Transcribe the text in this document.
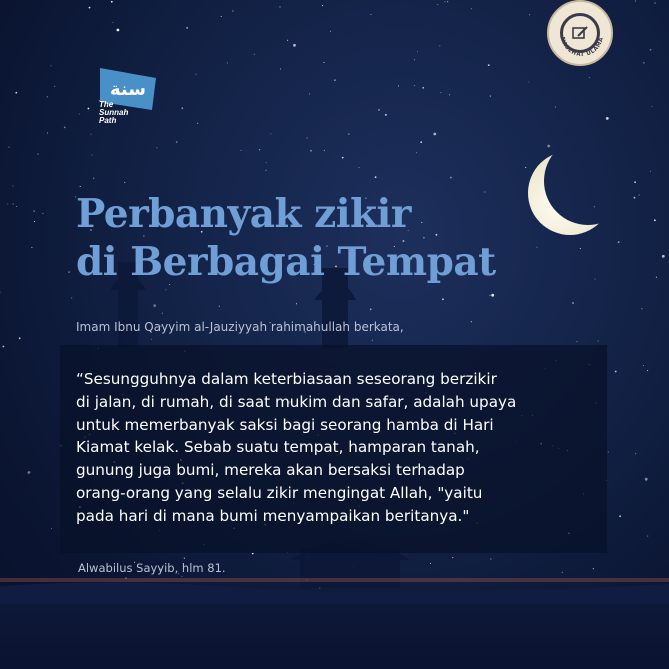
NASEHAT ULAMA
سنة
The
Sunnah
Path
Perbanyak zikir
di Berbagai Tempat
Imam Ibnu Qayyim al-Jauziyyah rahimahullah berkata,
“Sesungguhnya dalam keterbiasaan seseorang berzikir
di jalan, di rumah, di saat mukim dan safar, adalah upaya
untuk memerbanyak saksi bagi seorang hamba di Hari
Kiamat kelak. Sebab suatu tempat, hamparan tanah,
gunung juga bumi, mereka akan bersaksi terhadap
orang-orang yang selalu zikir mengingat Allah, "yaitu
pada hari di mana bumi menyampaikan beritanya."
Alwabilus Sayyib, hlm 81.
